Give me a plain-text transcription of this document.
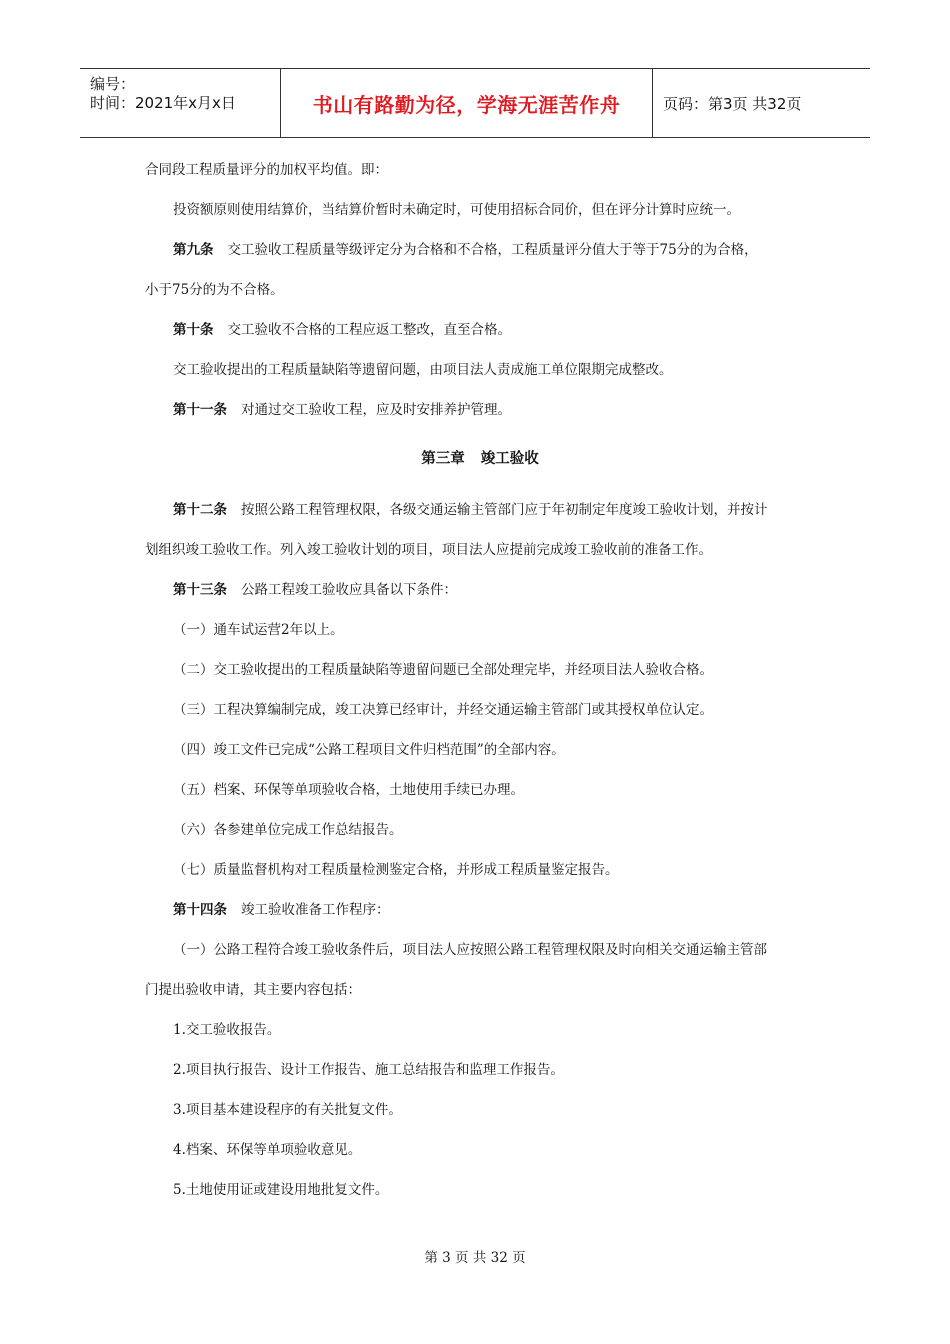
编号：
时间：2021年x月x日	书山有路勤为径，学海无涯苦作舟	页码：第3页 共32页
合同段工程质量评分的加权平均值。即：
投资额原则使用结算价，当结算价暂时未确定时，可使用招标合同价，但在评分计算时应统一。
第九条 交工验收工程质量等级评定分为合格和不合格，工程质量评分值大于等于75分的为合格，
小于75分的为不合格。
第十条 交工验收不合格的工程应返工整改，直至合格。
交工验收提出的工程质量缺陷等遗留问题，由项目法人责成施工单位限期完成整改。
第十一条 对通过交工验收工程，应及时安排养护管理。
第三章 竣工验收
第十二条 按照公路工程管理权限，各级交通运输主管部门应于年初制定年度竣工验收计划，并按计
划组织竣工验收工作。列入竣工验收计划的项目，项目法人应提前完成竣工验收前的准备工作。
第十三条 公路工程竣工验收应具备以下条件：
（一）通车试运营2年以上。
（二）交工验收提出的工程质量缺陷等遗留问题已全部处理完毕，并经项目法人验收合格。
（三）工程决算编制完成，竣工决算已经审计，并经交通运输主管部门或其授权单位认定。
（四）竣工文件已完成“公路工程项目文件归档范围”的全部内容。
（五）档案、环保等单项验收合格，土地使用手续已办理。
（六）各参建单位完成工作总结报告。
（七）质量监督机构对工程质量检测鉴定合格，并形成工程质量鉴定报告。
第十四条 竣工验收准备工作程序：
（一）公路工程符合竣工验收条件后，项目法人应按照公路工程管理权限及时向相关交通运输主管部
门提出验收申请，其主要内容包括：
1.交工验收报告。
2.项目执行报告、设计工作报告、施工总结报告和监理工作报告。
3.项目基本建设程序的有关批复文件。
4.档案、环保等单项验收意见。
5.土地使用证或建设用地批复文件。
第 3 页 共 32 页
